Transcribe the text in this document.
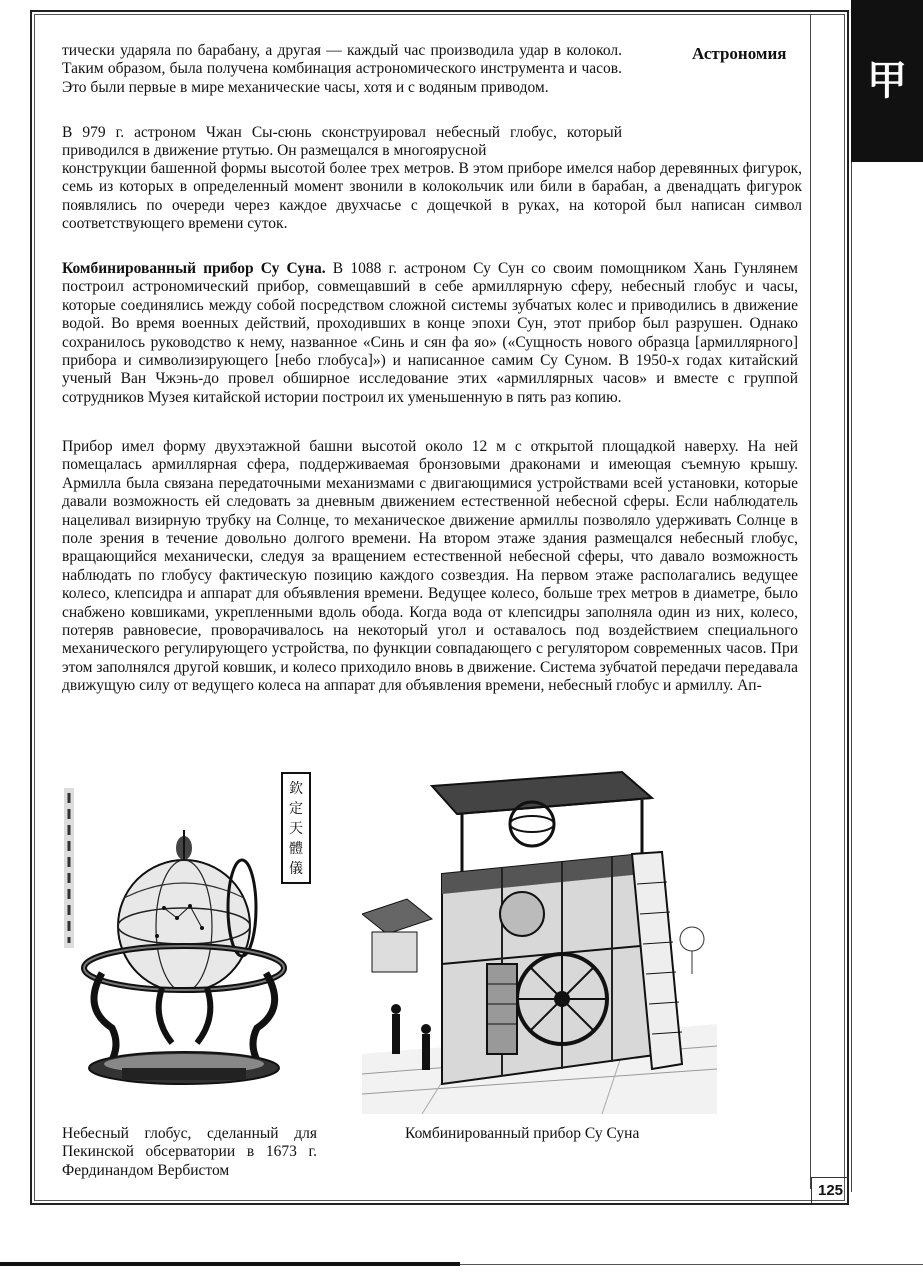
甲
Астрономия
тически ударяла по барабану, а другая — каждый час производила удар в колокол. Таким образом, была получена комбинация астрономического инструмента и часов. Это были первые в мире механические часы, хотя и с водяным приводом.
В 979 г. астроном Чжан Сы-сюнь сконструировал небесный глобус, который приводился в движение ртутью. Он размещался в многоярусной
конструкции башенной формы высотой более трех метров. В этом приборе имелся набор деревянных фигурок, семь из которых в определенный момент звонили в колокольчик или били в барабан, а двенадцать фигурок появлялись по очереди через каждое двухчасье с дощечкой в руках, на которой был написан символ соответствующего времени суток.
Комбинированный прибор Су Суна. В 1088 г. астроном Су Сун со своим помощником Хань Гунлянем построил астрономический прибор, совмещавший в себе армиллярную сферу, небесный глобус и часы, которые соединялись между собой посредством сложной системы зубчатых колес и приводились в движение водой. Во время военных действий, проходивших в конце эпохи Сун, этот прибор был разрушен. Однако сохранилось руководство к нему, названное «Синь и сян фа яо» («Сущность нового образца [армиллярного] прибора и символизирующего [небо глобуса]») и написанное самим Су Суном. В 1950-х годах китайский ученый Ван Чжэнь-до провел обширное исследование этих «армиллярных часов» и вместе с группой сотрудников Музея китайской истории построил их уменьшенную в пять раз копию.
Прибор имел форму двухэтажной башни высотой около 12 м с открытой площадкой наверху. На ней помещалась армиллярная сфера, поддерживаемая бронзовыми драконами и имеющая съемную крышу. Армилла была связана передаточными механизмами с двигающимися устройствами всей установки, которые давали возможность ей следовать за дневным движением естественной небесной сферы. Если наблюдатель нацеливал визирную трубку на Солнце, то механическое движение армиллы позволяло удерживать Солнце в поле зрения в течение довольно долгого времени. На втором этаже здания размещался небесный глобус, вращающийся механически, следуя за вращением естественной небесной сферы, что давало возможность наблюдать по глобусу фактическую позицию каждого созвездия. На первом этаже располагались ведущее колесо, клепсидра и аппарат для объявления времени. Ведущее колесо, больше трех метров в диаметре, было снабжено ковшиками, укрепленными вдоль обода. Когда вода от клепсидры заполняла один из них, колесо, потеряв равновесие, проворачивалось на некоторый угол и оставалось под воздействием специального механического регулирующего устройства, по функции совпадающего с регулятором современных часов. При этом заполнялся другой ковшик, и колесо приходило вновь в движение. Система зубчатой передачи передавала движущую силу от ведущего колеса на аппарат для объявления времени, небесный глобус и армиллу. Ап-
欽
定
天
體
儀
Небесный глобус, сделанный для Пекинской обсерватории в 1673 г. Фердинандом Вербистом
Комбинированный прибор Су Суна
125
